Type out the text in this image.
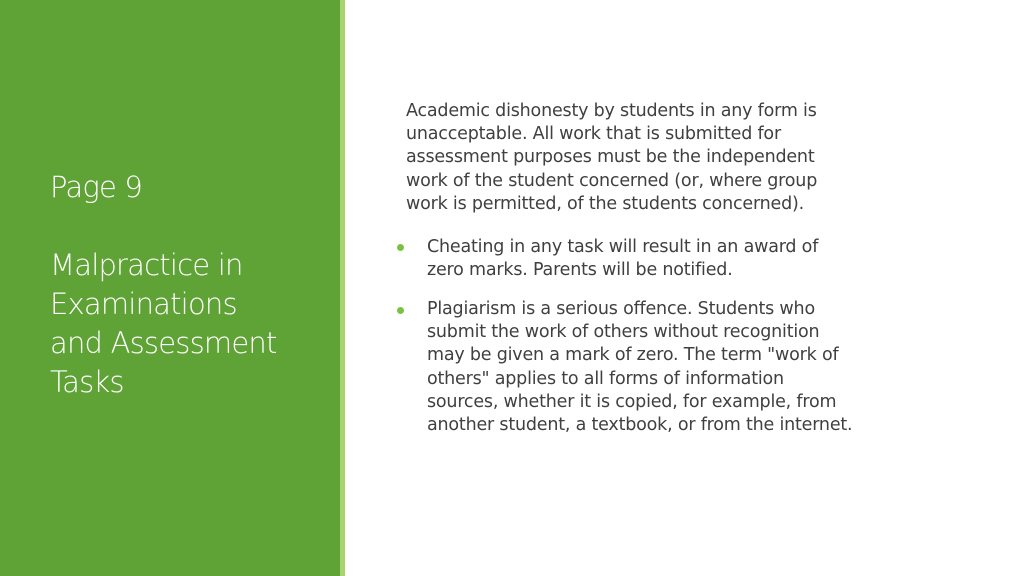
Page 9
Malpractice in
Examinations
and Assessment
Tasks
Academic dishonesty by students in any form is
unacceptable. All work that is submitted for
assessment purposes must be the independent
work of the student concerned (or, where group
work is permitted, of the students concerned).
Cheating in any task will result in an award of
zero marks. Parents will be notified.
Plagiarism is a serious offence. Students who
submit the work of others without recognition
may be given a mark of zero. The term "work of
others" applies to all forms of information
sources, whether it is copied, for example, from
another student, a textbook, or from the internet.
